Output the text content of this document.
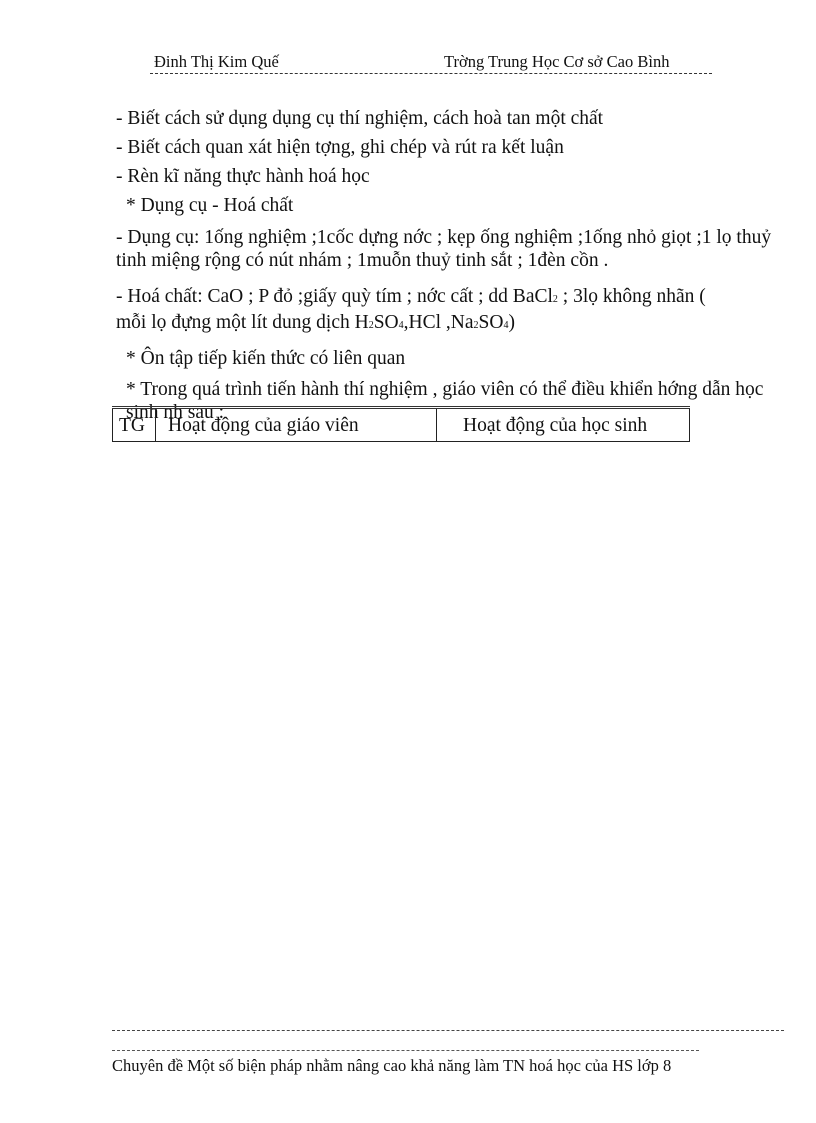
Đinh Thị Kim Quế	Trờng Trung Học Cơ sở Cao Bình

- Biết cách sử dụng dụng cụ thí nghiệm, cách hoà tan một chất

- Biết cách quan xát hiện tợng, ghi chép và rút ra kết luận

- Rèn kĩ năng thực hành hoá học

* Dụng cụ - Hoá chất

- Dụng cụ: 1ống nghiệm ;1cốc dựng nớc ; kẹp ống nghiệm ;1ống nhỏ giọt ;1 lọ thuỷ tinh miệng rộng có nút nhám ; 1muỗn thuỷ tinh sắt ; 1đèn cồn .

- Hoá chất: CaO ; P đỏ ;giấy quỳ tím ; nớc cất ; dd BaCl2 ; 3lọ không nhãn (
mỗi lọ đựng một lít dung dịch H2SO4,HCl ,Na2SO4)

* Ôn tập tiếp kiến thức có liên quan

* Trong quá trình tiến hành thí nghiệm , giáo viên có thể điều khiển hớng dẫn học sinh nh sau :

TG	Hoạt động của giáo viên	Hoạt động của học sinh
Chuyên đề Một số biện pháp nhằm nâng cao khả năng làm TN hoá học của HS lớp 8
